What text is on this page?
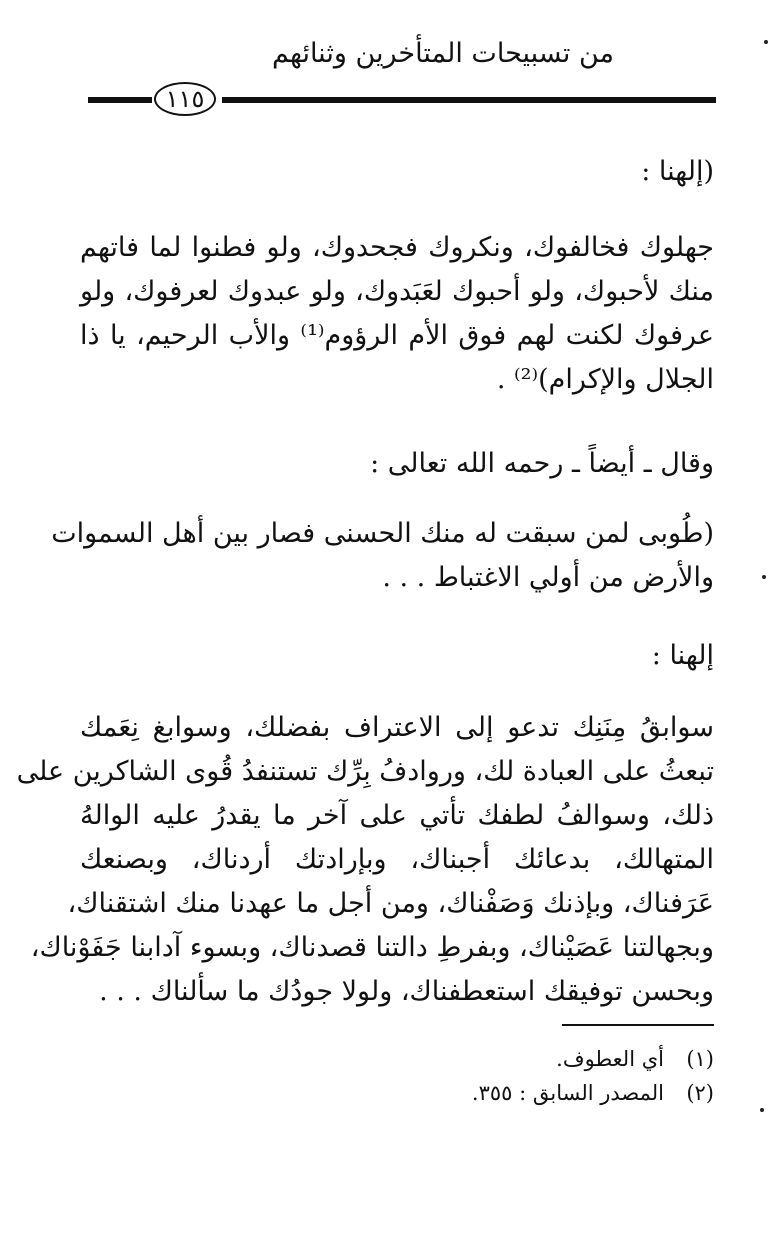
من تسبيحات المتأخرين وثنائهم
١١٥
(إلهنا :
جهلوك فخالفوك، ونكروك فجحدوك، ولو فطنوا لما فاتهم
منك لأحبوك، ولو أحبوك لعَبَدوك، ولو عبدوك لعرفوك، ولو
عرفوك لكنت لهم فوق الأم الرؤوم⁽¹⁾ والأب الرحيم، يا ذا
الجلال والإكرام)⁽²⁾ .
وقال ـ أيضاً ـ رحمه الله تعالى :
(طُوبى لمن سبقت له منك الحسنى فصار بين أهل السموات
والأرض من أولي الاغتباط . . .
إلهنا :
سوابقُ مِنَنِك تدعو إلى الاعتراف بفضلك، وسوابغ نِعَمك
تبعثُ على العبادة لك، وروادفُ بِرِّك تستنفدُ قُوى الشاكرين على
ذلك، وسوالفُ لطفك تأتي على آخر ما يقدرُ عليه الوالهُ
المتهالك، بدعائك أجبناك، وبإرادتك أردناك، وبصنعك
عَرَفناك، وبإذنك وَصَفْناك، ومن أجل ما عهدنا منك اشتقناك،
وبجهالتنا عَصَيْناك، وبفرطِ دالتنا قصدناك، وبسوء آدابنا جَفَوْناك،
وبحسن توفيقك استعطفناك، ولولا جودُك ما سألناك . . .
(١)أي العطوف.
(٢)المصدر السابق : ٣٥٥.
